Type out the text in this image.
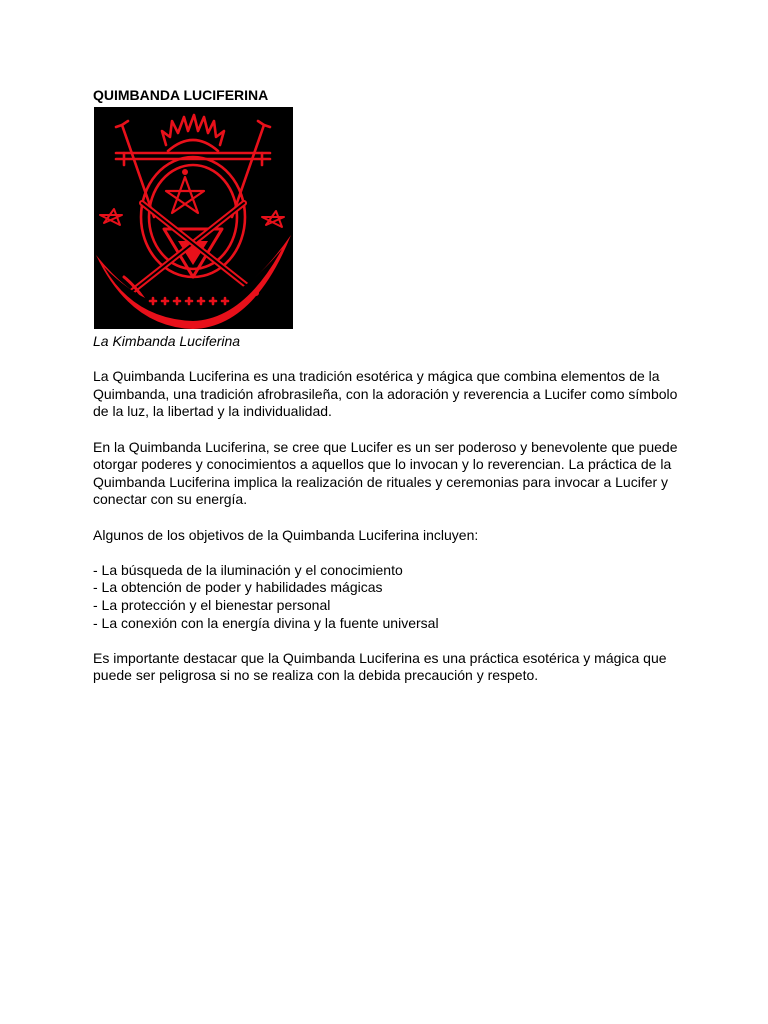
QUIMBANDA LUCIFERINA
La Kimbanda Luciferina

La Quimbanda Luciferina es una tradición esotérica y mágica que combina elementos de la Quimbanda, una tradición afrobrasileña, con la adoración y reverencia a Lucifer como símbolo de la luz, la libertad y la individualidad.

En la Quimbanda Luciferina, se cree que Lucifer es un ser poderoso y benevolente que puede otorgar poderes y conocimientos a aquellos que lo invocan y lo reverencian. La práctica de la Quimbanda Luciferina implica la realización de rituales y ceremonias para invocar a Lucifer y conectar con su energía.

Algunos de los objetivos de la Quimbanda Luciferina incluyen:

- La búsqueda de la iluminación y el conocimiento
- La obtención de poder y habilidades mágicas
- La protección y el bienestar personal
- La conexión con la energía divina y la fuente universal

Es importante destacar que la Quimbanda Luciferina es una práctica esotérica y mágica que puede ser peligrosa si no se realiza con la debida precaución y respeto.
